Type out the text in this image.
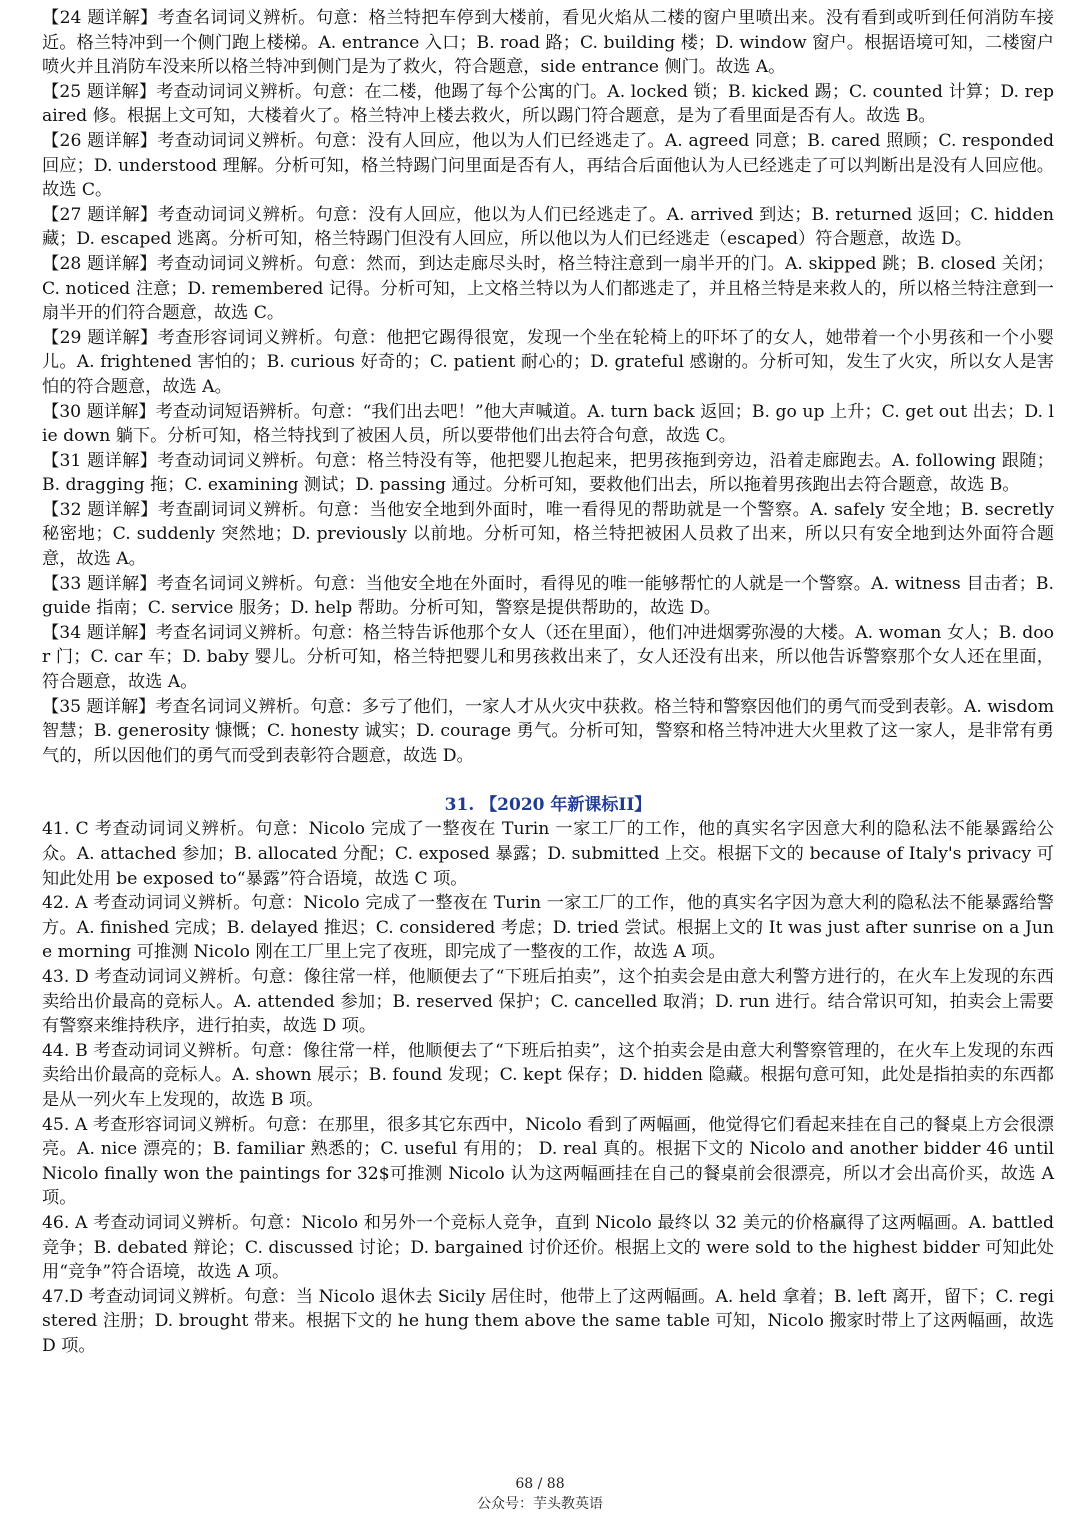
【24 题详解】考查名词词义辨析。句意：格兰特把车停到大楼前，看见火焰从二楼的窗户里喷出来。没有看到或听到任何消防车接近。格兰特冲到一个侧门跑上楼梯。A. entrance 入口；B. road 路；C. building 楼；D. window 窗户。根据语境可知，二楼窗户喷火并且消防车没来所以格兰特冲到侧门是为了救火，符合题意，side entrance 侧门。故选 A。

【25 题详解】考查动词词义辨析。句意：在二楼，他踢了每个公寓的门。A. locked 锁；B. kicked 踢；C. counted 计算；D. repaired 修。根据上文可知，大楼着火了。格兰特冲上楼去救火，所以踢门符合题意，是为了看里面是否有人。故选 B。

【26 题详解】考查动词词义辨析。句意：没有人回应，他以为人们已经逃走了。A. agreed 同意；B. cared 照顾；C. responded 回应；D. understood 理解。分析可知，格兰特踢门问里面是否有人，再结合后面他认为人已经逃走了可以判断出是没有人回应他。故选 C。

【27 题详解】考查动词词义辨析。句意：没有人回应，他以为人们已经逃走了。A. arrived 到达；B. returned 返回；C. hidden 藏；D. escaped 逃离。分析可知，格兰特踢门但没有人回应，所以他以为人们已经逃走（escaped）符合题意，故选 D。

【28 题详解】考查动词词义辨析。句意：然而，到达走廊尽头时，格兰特注意到一扇半开的门。A. skipped 跳；B. closed 关闭；C. noticed 注意；D. remembered 记得。分析可知，上文格兰特以为人们都逃走了，并且格兰特是来救人的，所以格兰特注意到一扇半开的们符合题意，故选 C。

【29 题详解】考查形容词词义辨析。句意：他把它踢得很宽，发现一个坐在轮椅上的吓坏了的女人，她带着一个小男孩和一个小婴儿。A. frightened 害怕的；B. curious 好奇的；C. patient 耐心的；D. grateful 感谢的。分析可知，发生了火灾，所以女人是害怕的符合题意，故选 A。

【30 题详解】考查动词短语辨析。句意：“我们出去吧！”他大声喊道。A. turn back 返回；B. go up 上升；C. get out 出去；D. lie down 躺下。分析可知，格兰特找到了被困人员，所以要带他们出去符合句意，故选 C。

【31 题详解】考查动词词义辨析。句意：格兰特没有等，他把婴儿抱起来，把男孩拖到旁边，沿着走廊跑去。A. following 跟随；B. dragging 拖；C. examining 测试；D. passing 通过。分析可知，要救他们出去，所以拖着男孩跑出去符合题意，故选 B。

【32 题详解】考查副词词义辨析。句意：当他安全地到外面时，唯一看得见的帮助就是一个警察。A. safely 安全地；B. secretly 秘密地；C. suddenly 突然地；D. previously 以前地。分析可知，格兰特把被困人员救了出来，所以只有安全地到达外面符合题意，故选 A。

【33 题详解】考查名词词义辨析。句意：当他安全地在外面时，看得见的唯一能够帮忙的人就是一个警察。A. witness 目击者；B. guide 指南；C. service 服务；D. help 帮助。分析可知，警察是提供帮助的，故选 D。

【34 题详解】考查名词词义辨析。句意：格兰特告诉他那个女人（还在里面），他们冲进烟雾弥漫的大楼。A. woman 女人；B. door 门；C. car 车；D. baby 婴儿。分析可知，格兰特把婴儿和男孩救出来了，女人还没有出来，所以他告诉警察那个女人还在里面，符合题意，故选 A。

【35 题详解】考查名词词义辨析。句意：多亏了他们，一家人才从火灾中获救。格兰特和警察因他们的勇气而受到表彰。A. wisdom 智慧；B. generosity 慷慨；C. honesty 诚实；D. courage 勇气。分析可知，警察和格兰特冲进大火里救了这一家人，是非常有勇气的，所以因他们的勇气而受到表彰符合题意，故选 D。

31. 【2020 年新课标II】

41. C 考查动词词义辨析。句意：Nicolo 完成了一整夜在 Turin 一家工厂的工作，他的真实名字因意大利的隐私法不能暴露给公众。A. attached 参加；B. allocated 分配；C. exposed 暴露；D. submitted 上交。根据下文的 because of Italy's privacy 可知此处用 be exposed to“暴露”符合语境，故选 C 项。

42. A 考查动词词义辨析。句意：Nicolo 完成了一整夜在 Turin 一家工厂的工作，他的真实名字因为意大利的隐私法不能暴露给警方。A. finished 完成；B. delayed 推迟；C. considered 考虑；D. tried 尝试。根据上文的 It was just after sunrise on a June morning 可推测 Nicolo 刚在工厂里上完了夜班，即完成了一整夜的工作，故选 A 项。

43. D 考查动词词义辨析。句意：像往常一样，他顺便去了“下班后拍卖”，这个拍卖会是由意大利警方进行的，在火车上发现的东西卖给出价最高的竞标人。A. attended 参加；B. reserved 保护；C. cancelled 取消；D. run 进行。结合常识可知，拍卖会上需要有警察来维持秩序，进行拍卖，故选 D 项。

44. B 考查动词词义辨析。句意：像往常一样，他顺便去了“下班后拍卖”，这个拍卖会是由意大利警察管理的，在火车上发现的东西卖给出价最高的竞标人。A. shown 展示；B. found 发现；C. kept 保存；D. hidden 隐藏。根据句意可知，此处是指拍卖的东西都是从一列火车上发现的，故选 B 项。

45. A 考查形容词词义辨析。句意：在那里，很多其它东西中，Nicolo 看到了两幅画，他觉得它们看起来挂在自己的餐桌上方会很漂亮。A. nice 漂亮的；B. familiar 熟悉的；C. useful 有用的； D. real 真的。根据下文的 Nicolo and another bidder 46 until Nicolo finally won the paintings for 32$可推测 Nicolo 认为这两幅画挂在自己的餐桌前会很漂亮，所以才会出高价买，故选 A 项。

46. A 考查动词词义辨析。句意：Nicolo 和另外一个竞标人竞争，直到 Nicolo 最终以 32 美元的价格赢得了这两幅画。A. battled 竞争；B. debated 辩论；C. discussed 讨论；D. bargained 讨价还价。根据上文的 were sold to the highest bidder 可知此处用“竞争”符合语境，故选 A 项。

47.D 考查动词词义辨析。句意：当 Nicolo 退休去 Sicily 居住时，他带上了这两幅画。A. held 拿着；B. left 离开，留下；C. registered 注册；D. brought 带来。根据下文的 he hung them above the same table 可知，Nicolo 搬家时带上了这两幅画，故选 D 项。

68 / 88
公众号：芋头教英语
